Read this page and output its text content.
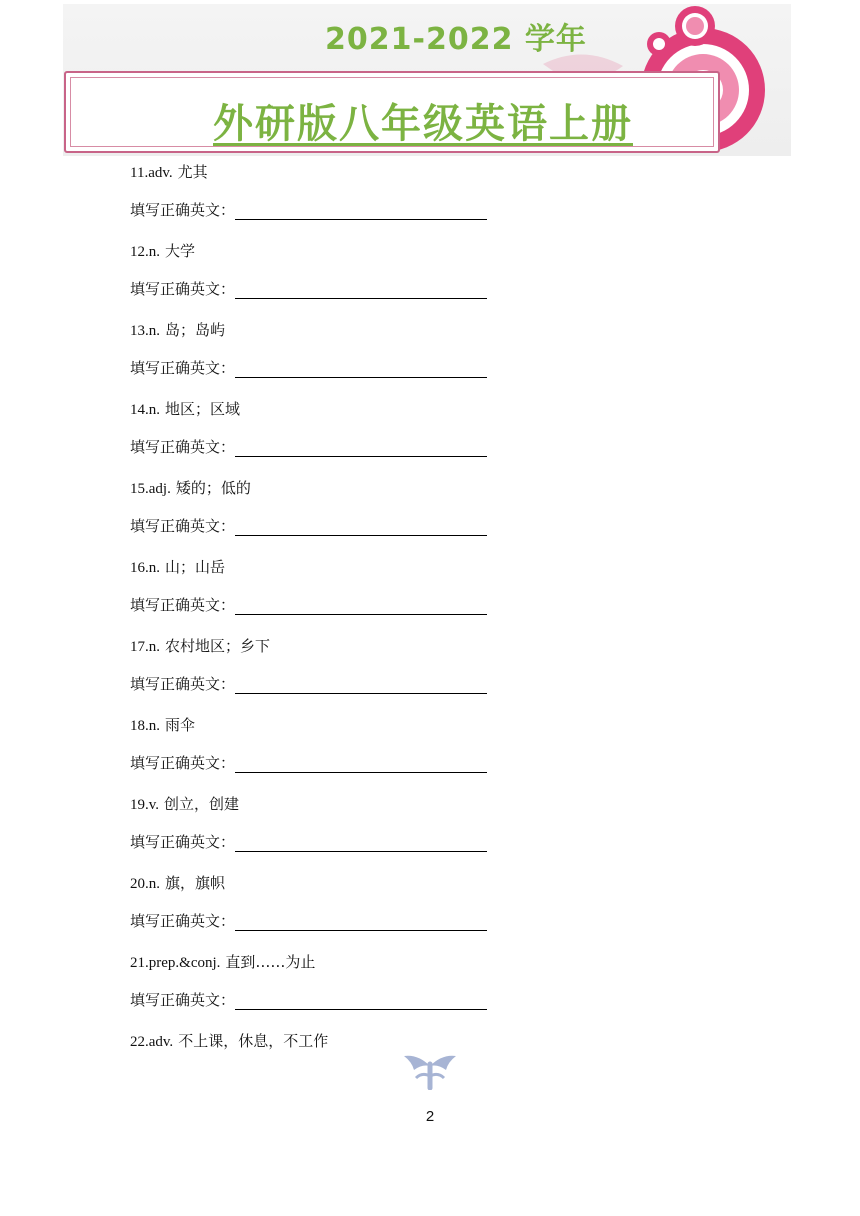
2021-2022 学年
外研版八年级英语上册
11.adv. 尤其
填写正确英文：
12.n. 大学
填写正确英文：
13.n. 岛；岛屿
填写正确英文：
14.n. 地区；区域
填写正确英文：
15.adj. 矮的；低的
填写正确英文：
16.n. 山；山岳
填写正确英文：
17.n. 农村地区；乡下
填写正确英文：
18.n. 雨伞
填写正确英文：
19.v. 创立，创建
填写正确英文：
20.n. 旗，旗帜
填写正确英文：
21.prep.&conj. 直到……为止
填写正确英文：
22.adv. 不上课，休息，不工作
2
